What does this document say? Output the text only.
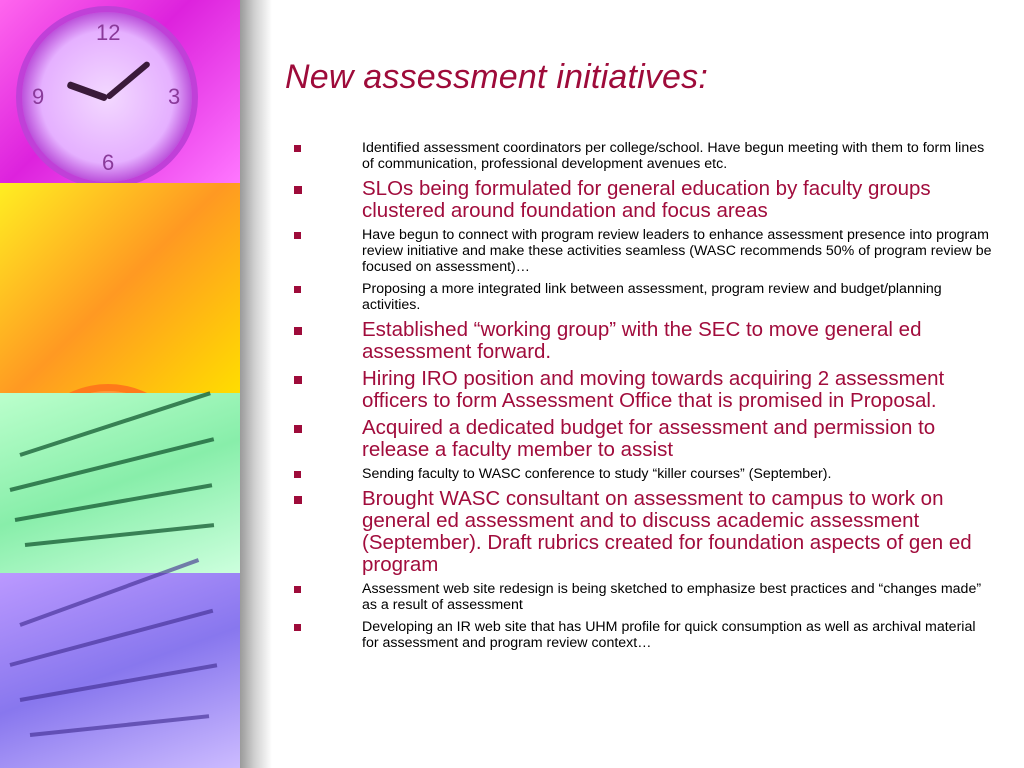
12
3
6
9
New assessment initiatives:
Identified assessment coordinators per college/school. Have begun meeting with them to form lines of communication, professional development avenues etc.
SLOs being formulated for general education by faculty groups clustered around foundation and focus areas
Have begun to connect with program review leaders to enhance assessment presence into program review initiative and make these activities seamless (WASC recommends 50% of program review be focused on assessment)…
Proposing a more integrated link between assessment, program review and budget/planning activities.
Established “working group” with the SEC to move general ed assessment forward.
Hiring IRO position and moving towards acquiring 2 assessment officers to form Assessment Office that is promised in Proposal.
Acquired a dedicated budget for assessment and permission to release a faculty member to assist
Sending faculty to WASC conference to study “killer courses” (September).
Brought WASC consultant on assessment to campus to work on general ed assessment and to discuss academic assessment (September). Draft rubrics created for foundation aspects of gen ed program
Assessment web site redesign is being sketched to emphasize best practices and “changes made” as a result of assessment
Developing an IR web site that has UHM profile for quick consumption as well as archival material for assessment and program review context…
